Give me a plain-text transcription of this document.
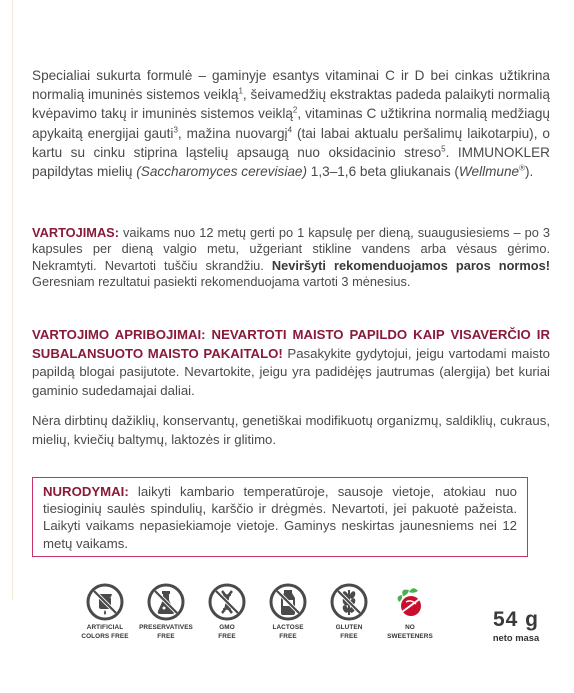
Specialiai sukurta formulė – gaminyje esantys vitaminai C ir D bei cinkas užtikrina normalią imuninės sistemos veiklą$^1$, šeivamedžių ekstraktas padeda palaikyti normalią kvėpavimo takų ir imuninės sistemos veiklą$^2$, vitaminas C užtikrina normalią medžiagų apykaitą energijai gauti$^3$, mažina nuovargį$^4$ (tai labai aktualu peršalimų laikotarpiu), o kartu su cinku stiprina ląstelių apsaugą nuo oksidacinio streso$^5$. IMMUNOKLER papildytas mielių (Saccharomyces cerevisiae) 1,3–1,6 beta gliukanais (Wellmune®).

VARTOJIMAS: vaikams nuo 12 metų gerti po 1 kapsulę per dieną, suaugusiesiems – po 3 kapsules per dieną valgio metu, užgeriant stikline vandens arba vėsaus gėrimo. Nekramtyti. Nevartoti tuščiu skrandžiu. Neviršyti rekomenduojamos paros normos! Geresniam rezultatui pasiekti rekomenduojama vartoti 3 mėnesius.

VARTOJIMO APRIBOJIMAI: NEVARTOTI MAISTO PAPILDO KAIP VISAVERČIO IR SUBALANSUOTO MAISTO PAKAITALO! Pasakykite gydytojui, jeigu vartodami maisto papildą blogai pasijutote. Nevartokite, jeigu yra padidėjęs jautrumas (alergija) bet kuriai gaminio sudedamajai daliai.

Nėra dirbtinų dažiklių, konservantų, genetiškai modifikuotų organizmų, saldiklių, cukraus, mielių, kviečių baltymų, laktozės ir glitimo.

NURODYMAI: laikyti kambario temperatūroje, sausoje vietoje, atokiau nuo tiesioginių saulės spindulių, karščio ir drėgmės. Nevartoti, jei pakuotė pažeista. Laikyti vaikams nepasiekiamoje vietoje. Gaminys neskirtas jaunesniems nei 12 metų vaikams.
ARTIFICIAL
COLORS FREE
PRESERVATIVES
FREE
GMO
FREE
LACTOSE
FREE
GLUTEN
FREE
NO
SWEETENERS
54 g
neto masa
